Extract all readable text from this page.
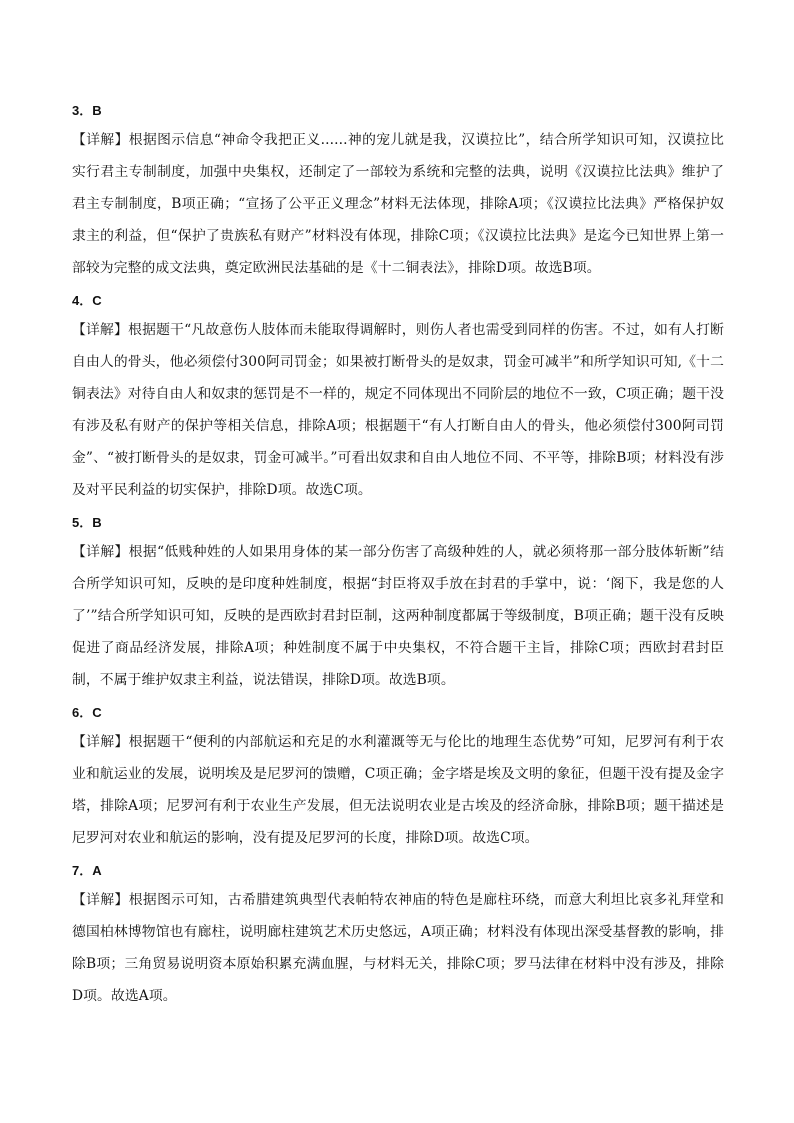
3．B

【详解】根据图示信息“神命令我把正义......神的宠儿就是我，汉谟拉比”，结合所学知识可知，汉谟拉比实行君主专制制度，加强中央集权，还制定了一部较为系统和完整的法典，说明《汉谟拉比法典》维护了君主专制制度，B项正确；“宣扬了公平正义理念”材料无法体现，排除A项；《汉谟拉比法典》严格保护奴隶主的利益，但“保护了贵族私有财产”材料没有体现，排除C项；《汉谟拉比法典》是迄今已知世界上第一部较为完整的成文法典，奠定欧洲民法基础的是《十二铜表法》，排除D项。故选B项。

4．C

【详解】根据题干“凡故意伤人肢体而未能取得调解时，则伤人者也需受到同样的伤害。不过，如有人打断自由人的骨头，他必须偿付300阿司罚金；如果被打断骨头的是奴隶，罚金可减半”和所学知识可知,《十二铜表法》对待自由人和奴隶的惩罚是不一样的，规定不同体现出不同阶层的地位不一致，C项正确；题干没有涉及私有财产的保护等相关信息，排除A项；根据题干“有人打断自由人的骨头，他必须偿付300阿司罚金”、“被打断骨头的是奴隶，罚金可减半。”可看出奴隶和自由人地位不同、不平等，排除B项；材料没有涉及对平民利益的切实保护，排除D项。故选C项。

5．B

【详解】根据“低贱种姓的人如果用身体的某一部分伤害了高级种姓的人，就必须将那一部分肢体斩断”结合所学知识可知，反映的是印度种姓制度，根据“封臣将双手放在封君的手掌中，说：‘阁下，我是您的人了’”结合所学知识可知，反映的是西欧封君封臣制，这两种制度都属于等级制度，B项正确；题干没有反映促进了商品经济发展，排除A项；种姓制度不属于中央集权，不符合题干主旨，排除C项；西欧封君封臣制，不属于维护奴隶主利益，说法错误，排除D项。故选B项。

6．C

【详解】根据题干“便利的内部航运和充足的水利灌溉等无与伦比的地理生态优势”可知，尼罗河有利于农业和航运业的发展，说明埃及是尼罗河的馈赠，C项正确；金字塔是埃及文明的象征，但题干没有提及金字塔，排除A项；尼罗河有利于农业生产发展，但无法说明农业是古埃及的经济命脉，排除B项；题干描述是尼罗河对农业和航运的影响，没有提及尼罗河的长度，排除D项。故选C项。

7．A

【详解】根据图示可知，古希腊建筑典型代表帕特农神庙的特色是廊柱环绕，而意大利坦比哀多礼拜堂和德国柏林博物馆也有廊柱，说明廊柱建筑艺术历史悠远，A项正确；材料没有体现出深受基督教的影响，排除B项；三角贸易说明资本原始积累充满血腥，与材料无关，排除C项；罗马法律在材料中没有涉及，排除D项。故选A项。
